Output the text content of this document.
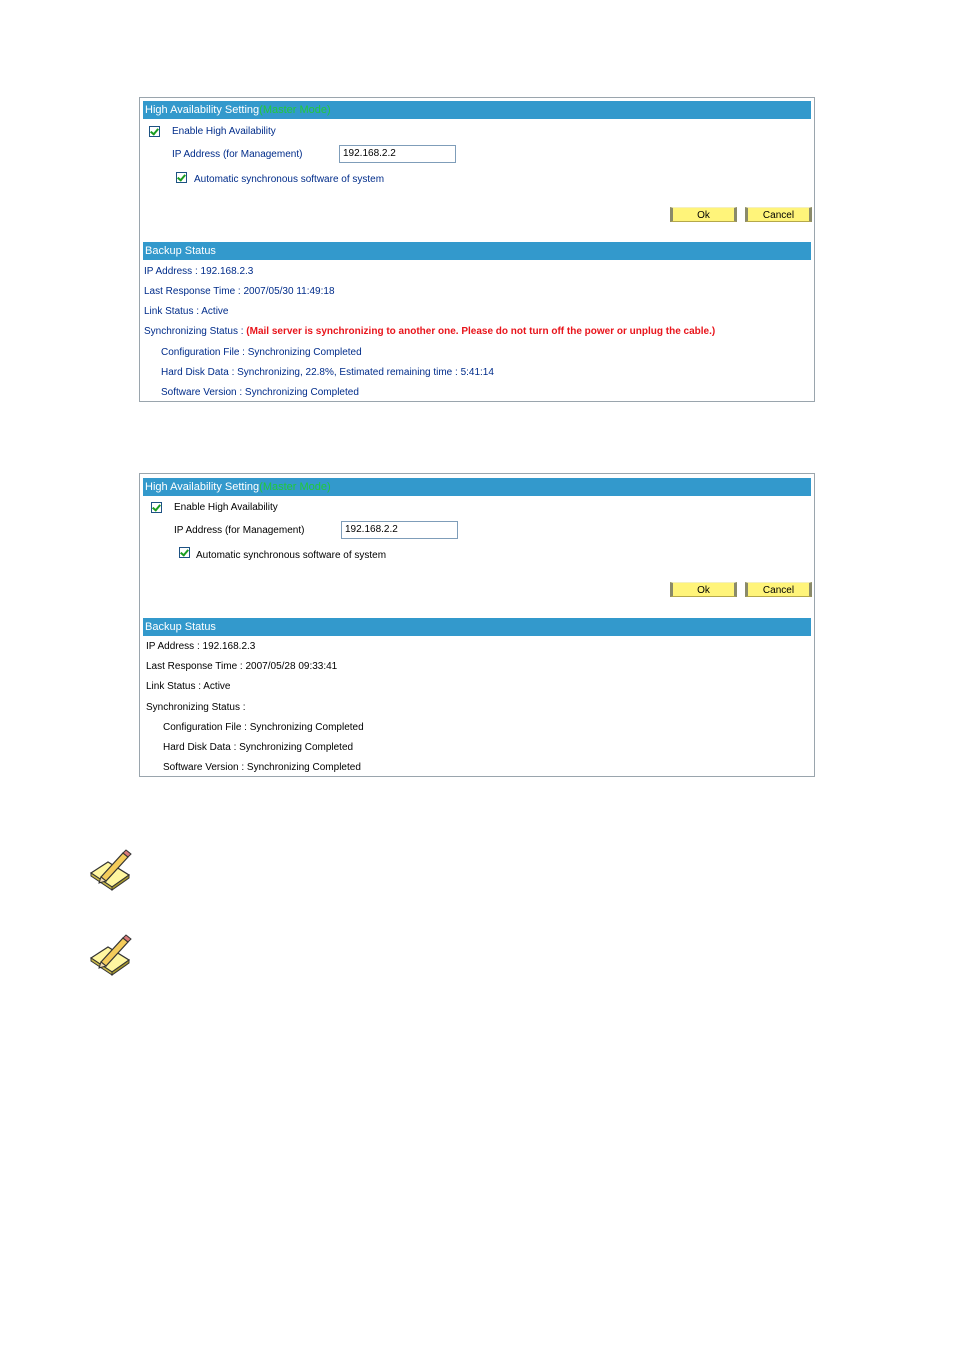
High Availability Setting(Master Mode)
Enable High Availability
IP Address (for Management)	192.168.2.2
Automatic synchronous software of system
Ok	Cancel
Backup Status
IP Address : 192.168.2.3
Last Response Time : 2007/05/30 11:49:18
Link Status : Active
Synchronizing Status : (Mail server is synchronizing to another one. Please do not turn off the power or unplug the cable.)
Configuration File : Synchronizing Completed
Hard Disk Data : Synchronizing, 22.8%, Estimated remaining time : 5:41:14
Software Version : Synchronizing Completed
High Availability Setting(Master Mode)
Enable High Availability
IP Address (for Management)	192.168.2.2
Automatic synchronous software of system
Ok	Cancel
Backup Status
IP Address : 192.168.2.3
Last Response Time : 2007/05/28 09:33:41
Link Status : Active
Synchronizing Status :
Configuration File : Synchronizing Completed
Hard Disk Data : Synchronizing Completed
Software Version : Synchronizing Completed
